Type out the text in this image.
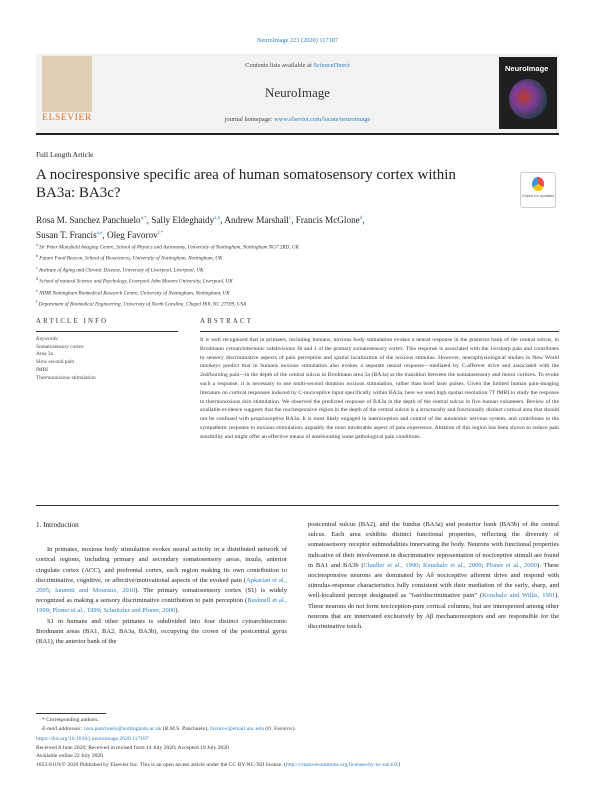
NeuroImage 223 (2020) 117187
ELSEVIER
Contents lists available at ScienceDirect
NeuroImage
journal homepage: www.elsevier.com/locate/neuroimage
NeuroImage
Full Length Article
A nociresponsive specific area of human somatosensory cortex within BA3a: BA3c?	Check for updates
Rosa M. Sanchez Panchuelo$^{a,*}$, Sally Eldeghaidy$^{a,b}$, Andrew Marshall$^c$, Francis McGlone$^d$,
Susan T. Francis$^{a,e}$, Oleg Favorov$^{f,*}$
$^a$ Sir Peter Mansfield Imaging Centre, School of Physics and Astronomy, University of Nottingham, Nottingham NG7 2RD, UK
$^b$ Future Food Beacon, School of Biosciences, University of Nottingham, Nottingham, UK
$^c$ Institute of Aging and Chronic Disease, University of Liverpool, Liverpool, UK
$^d$ School of natural Science and Psychology, Liverpool John Moores University, Liverpool, UK
$^e$ NIHR Nottingham Biomedical Research Centre, University of Nottingham, Nottingham, UK
$^f$ Department of Biomedical Engineering, University of North Carolina, Chapel Hill, NC 27599, USA
ARTICLE INFO	ABSTRACT
Keywords:
Somatosensory cortex
Area 3a
Slow second pain
fMRI
Thermonoxious stimulation
It is well recognized that in primates, including humans, noxious body stimulation evokes a neural response in the posterior bank of the central sulcus, in Brodmann cytoarchitectonic subdivisions 3b and 1 of the primary somatosensory cortex. This response is associated with the 1st/sharp pain and contributes to sensory discriminative aspects of pain perception and spatial localization of the noxious stimulus. However, neurophysiological studies in New World monkeys predict that in humans noxious stimulation also evokes a separate neural response—mediated by C-afferent drive and associated with the 2nd/burning pain—in the depth of the central sulcus in Brodmann area 3a (BA3a) at the transition between the somatosensory and motor cortices. To evoke such a response, it is necessary to use multi-second duration noxious stimulation, rather than brief laser pulses. Given the limited human pain-imaging literature on cortical responses induced by C-nociceptive input specifically within BA3a, here we used high spatial resolution 7T fMRI to study the response to thermonoxious skin stimulation. We observed the predicted response of BA3a in the depth of the central sulcus in five human volunteers. Review of the available evidence suggests that the nociresponsive region in the depth of the central sulcus is a structurally and functionally distinct cortical area that should not be confused with proprioceptive BA3a. It is most likely engaged in interoception and control of the autonomic nervous system, and contributes to the sympathetic response to noxious stimulation, arguably the most intolerable aspect of pain experience. Ablation of this region has been shown to reduce pain sensibility and might offer an effective means of ameliorating some pathological pain conditions.
1. Introduction

In primates, noxious body stimulation evokes neural activity in a distributed network of cortical regions, including primary and secondary somatosensory areas, insula, anterior cingulate cortex (ACC), and prefrontal cortex, each region making its own contribution to discriminative, cognitive, or affective/motivational aspects of the evoked pain (Apkarian et al., 2005; Iannetti and Mouraux, 2010). The primary somatosensory cortex (S1) is widely recognized as making a sensory discriminative contribution to pain perception (Bushnell et al., 1999; Ploner et al., 1999; Schnitzler and Ploner, 2000).

S1 in humans and other primates is subdivided into four distinct cytoarchitectonic Brodmann areas (BA1, BA2, BA3a, BA3b), occupying the crown of the postcentral gyrus (BA1), the anterior bank of the

postcentral sulcus (BA2), and the fundus (BA3a) and posterior bank (BA3b) of the central sulcus. Each area exhibits distinct functional properties, reflecting the diversity of somatosensory receptor submodalities innervating the body. Neurons with functional properties indicative of their involvement in discriminative representation of nociceptive stimuli are found in BA1 and BA3b (Chudler et al., 1990; Kenshalo et al., 2000; Ploner et al., 2000). These nociresponsive neurons are dominated by Aδ nociceptive afferent drive and respond with stimulus-response characteristics fully consistent with their mediation of the early, sharp, and well-localized percept designated as "fast/discriminative pain" (Kenshalo and Willis, 1991). These neurons do not form nociception-pure cortical columns, but are interspersed among other neurons that are innervated exclusively by Aβ mechanoreceptors and are responsible for the discriminative touch.

* Corresponding authors.
E-mail addresses: rosa.panchuelo@nottingham.ac.uk (R.M.S. Panchuelo), favorov@email.unc.edu (O. Favorov).
https://doi.org/10.1016/j.neuroimage.2020.117187
Received 8 June 2020; Received in revised form 14 July 2020; Accepted 19 July 2020
Available online 22 July 2020
1053-8119/© 2020 Published by Elsevier Inc. This is an open access article under the CC BY-NC-ND license. (http://creativecommons.org/licenses/by-nc-nd/4.0/)
